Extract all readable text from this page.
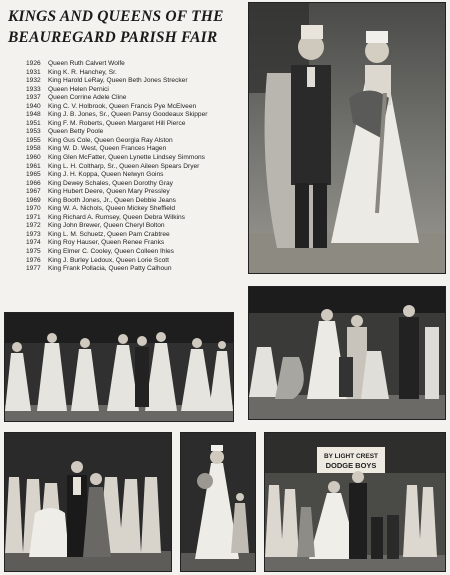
KINGS AND QUEENS OF THE
BEAUREGARD PARISH FAIR
1926	Queen Ruth Calvert Wolfe
1931	King K. R. Hanchey, Sr.
1932	King Harold LeRay, Queen Beth Jones Strecker
1933	Queen Helen Pernici
1937	Queen Corrine Adele Cline
1940	King C. V. Holbrook, Queen Francis Pye McElveen
1948	King J. B. Jones, Sr., Queen Pansy Goodeaux Skipper
1951	King F. M. Roberts, Queen Margaret Hill Pierce
1953	Queen Betty Poole
1955	King Gus Cole, Queen Georgia Ray Alston
1958	King W. D. West, Queen Frances Hagen
1960	King Glen McFatter, Queen Lynette Lindsey Simmons
1961	King L. H. Coltharp, Sr., Queen Aileen Spears Dryer
1965	King J. H. Koppa, Queen Nelwyn Goins
1966	King Dewey Schales, Queen Dorothy Gray
1967	King Hubert Deere, Queen Mary Pressley
1969	King Booth Jones, Jr., Queen Debbie Jeans
1970	King W. A. Nichols, Queen Mickey Sheffield
1971	King Richard A. Rumsey, Queen Debra Wilkins
1972	King John Brewer, Queen Cheryl Bolton
1973	King L. M. Schuetz, Queen Pam Crabtree
1974	King Roy Hauser, Queen Renee Franks
1975	King Elmer C. Cooley, Queen Colleen Ihles
1976	King J. Burley Ledoux, Queen Lorie Scott
1977	King Frank Pollacia, Queen Patty Calhoun
BY LIGHT CREST
DODGE BOYS
